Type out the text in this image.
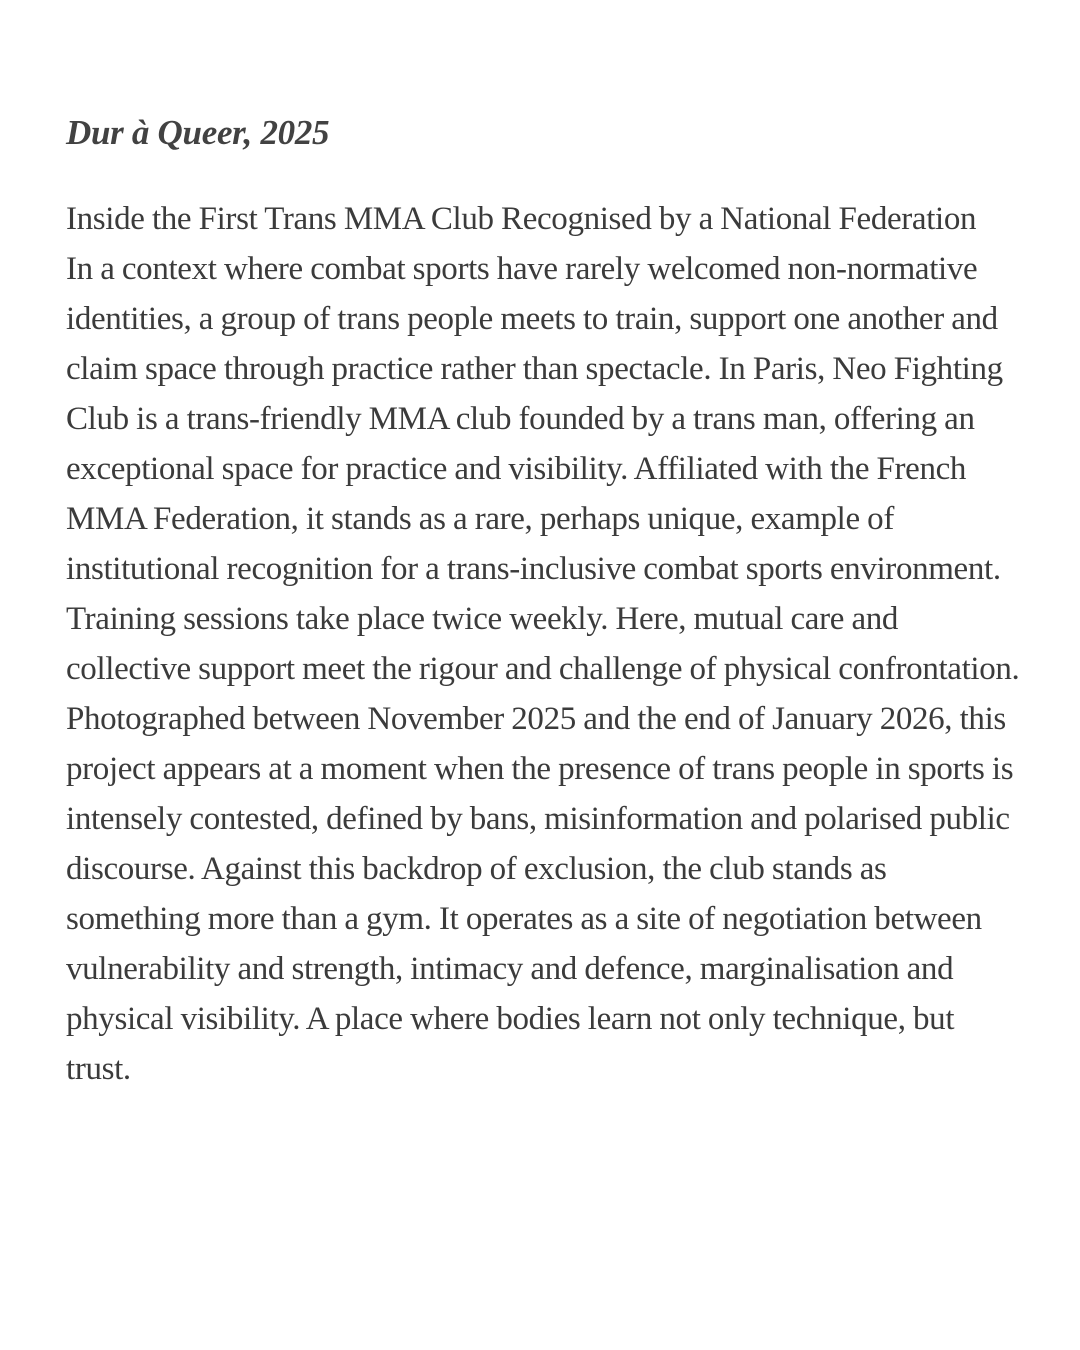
Dur à Queer, 2025

Inside the First Trans MMA Club Recognised by a National Federation

In a context where combat sports have rarely welcomed non-normative identities, a group of trans people meets to train, support one another and claim space through practice rather than spectacle. In Paris, Neo Fighting Club is a trans-friendly MMA club founded by a trans man, offering an exceptional space for practice and visibility. Affiliated with the French MMA Federation, it stands as a rare, perhaps unique, example of institutional recognition for a trans-inclusive combat sports environment. Training sessions take place twice weekly. Here, mutual care and collective support meet the rigour and challenge of physical confrontation.

Photographed between November 2025 and the end of January 2026, this project appears at a moment when the presence of trans people in sports is intensely contested, defined by bans, misinformation and polarised public discourse. Against this backdrop of exclusion, the club stands as something more than a gym. It operates as a site of negotiation between vulnerability and strength, intimacy and defence, marginalisation and physical visibility. A place where bodies learn not only technique, but trust.
